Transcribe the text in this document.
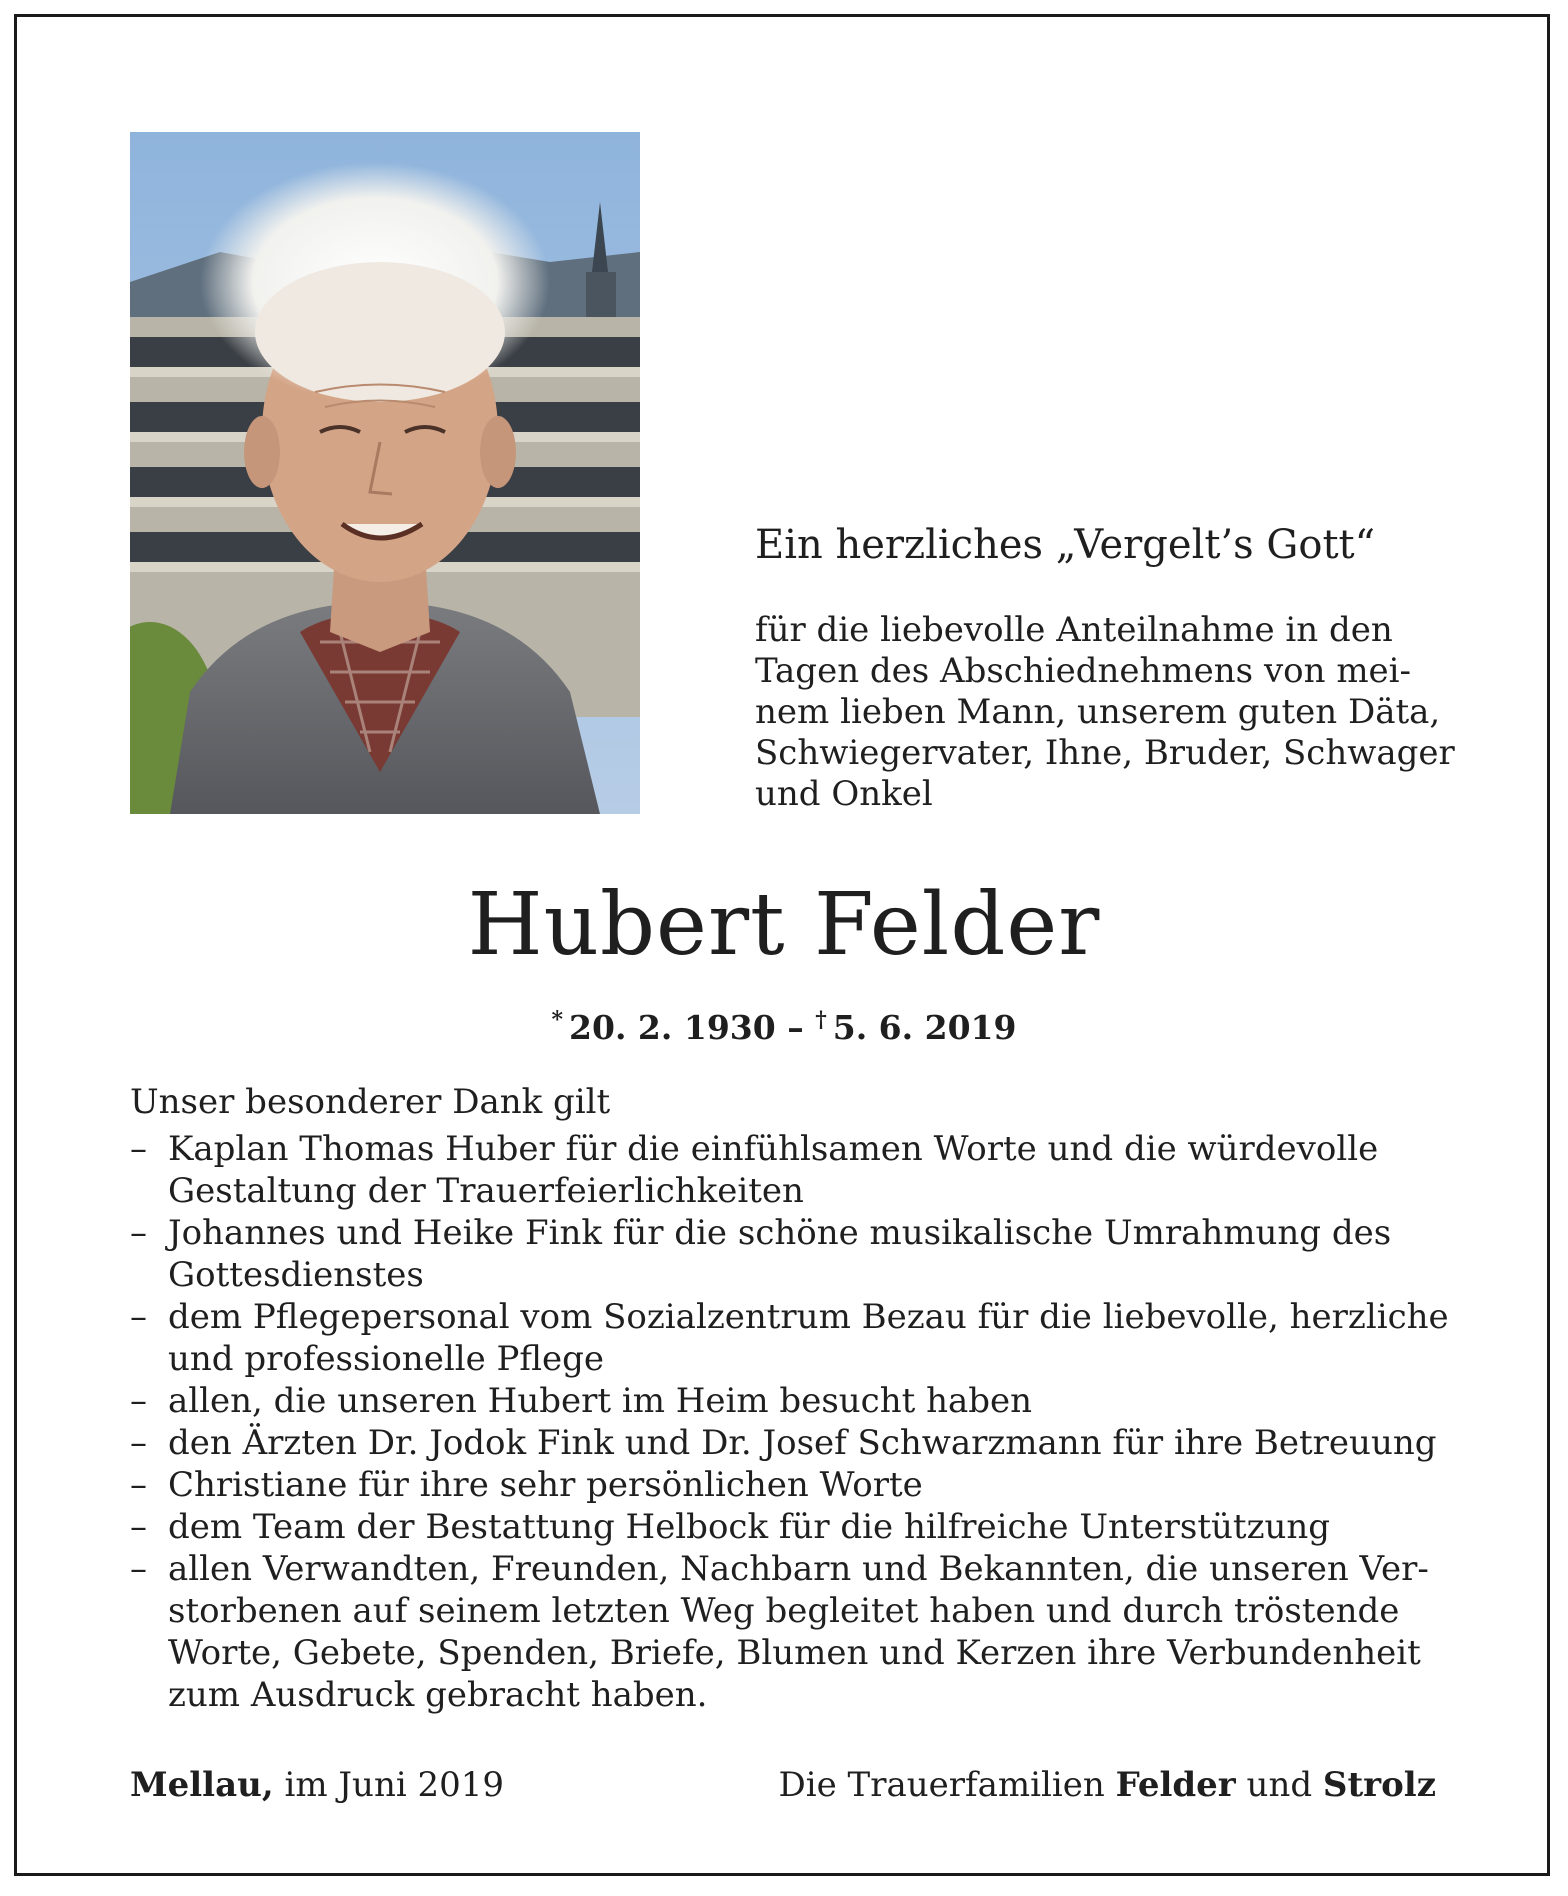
Ein herzliches „Vergelt’s Gott“

für die liebevolle Anteilnahme in den
Tagen des Abschiednehmens von mei-
nem lieben Mann, unserem guten Däta,
Schwiegervater, Ihne, Bruder, Schwager
und Onkel

Hubert Felder
* 20. 2. 1930 – † 5. 6. 2019
Unser besonderer Dank gilt
– Kaplan Thomas Huber für die einfühlsamen Worte und die würdevolle
Gestaltung der Trauerfeierlichkeiten
– Johannes und Heike Fink für die schöne musikalische Umrahmung des
Gottesdienstes
– dem Pflegepersonal vom Sozialzentrum Bezau für die liebevolle, herzliche
und professionelle Pflege
– allen, die unseren Hubert im Heim besucht haben
– den Ärzten Dr. Jodok Fink und Dr. Josef Schwarzmann für ihre Betreuung
– Christiane für ihre sehr persönlichen Worte
– dem Team der Bestattung Helbock für die hilfreiche Unterstützung
– allen Verwandten, Freunden, Nachbarn und Bekannten, die unseren Ver-
storbenen auf seinem letzten Weg begleitet haben und durch tröstende
Worte, Gebete, Spenden, Briefe, Blumen und Kerzen ihre Verbundenheit
zum Ausdruck gebracht haben.
Mellau, im Juni 2019	Die Trauerfamilien Felder und Strolz
